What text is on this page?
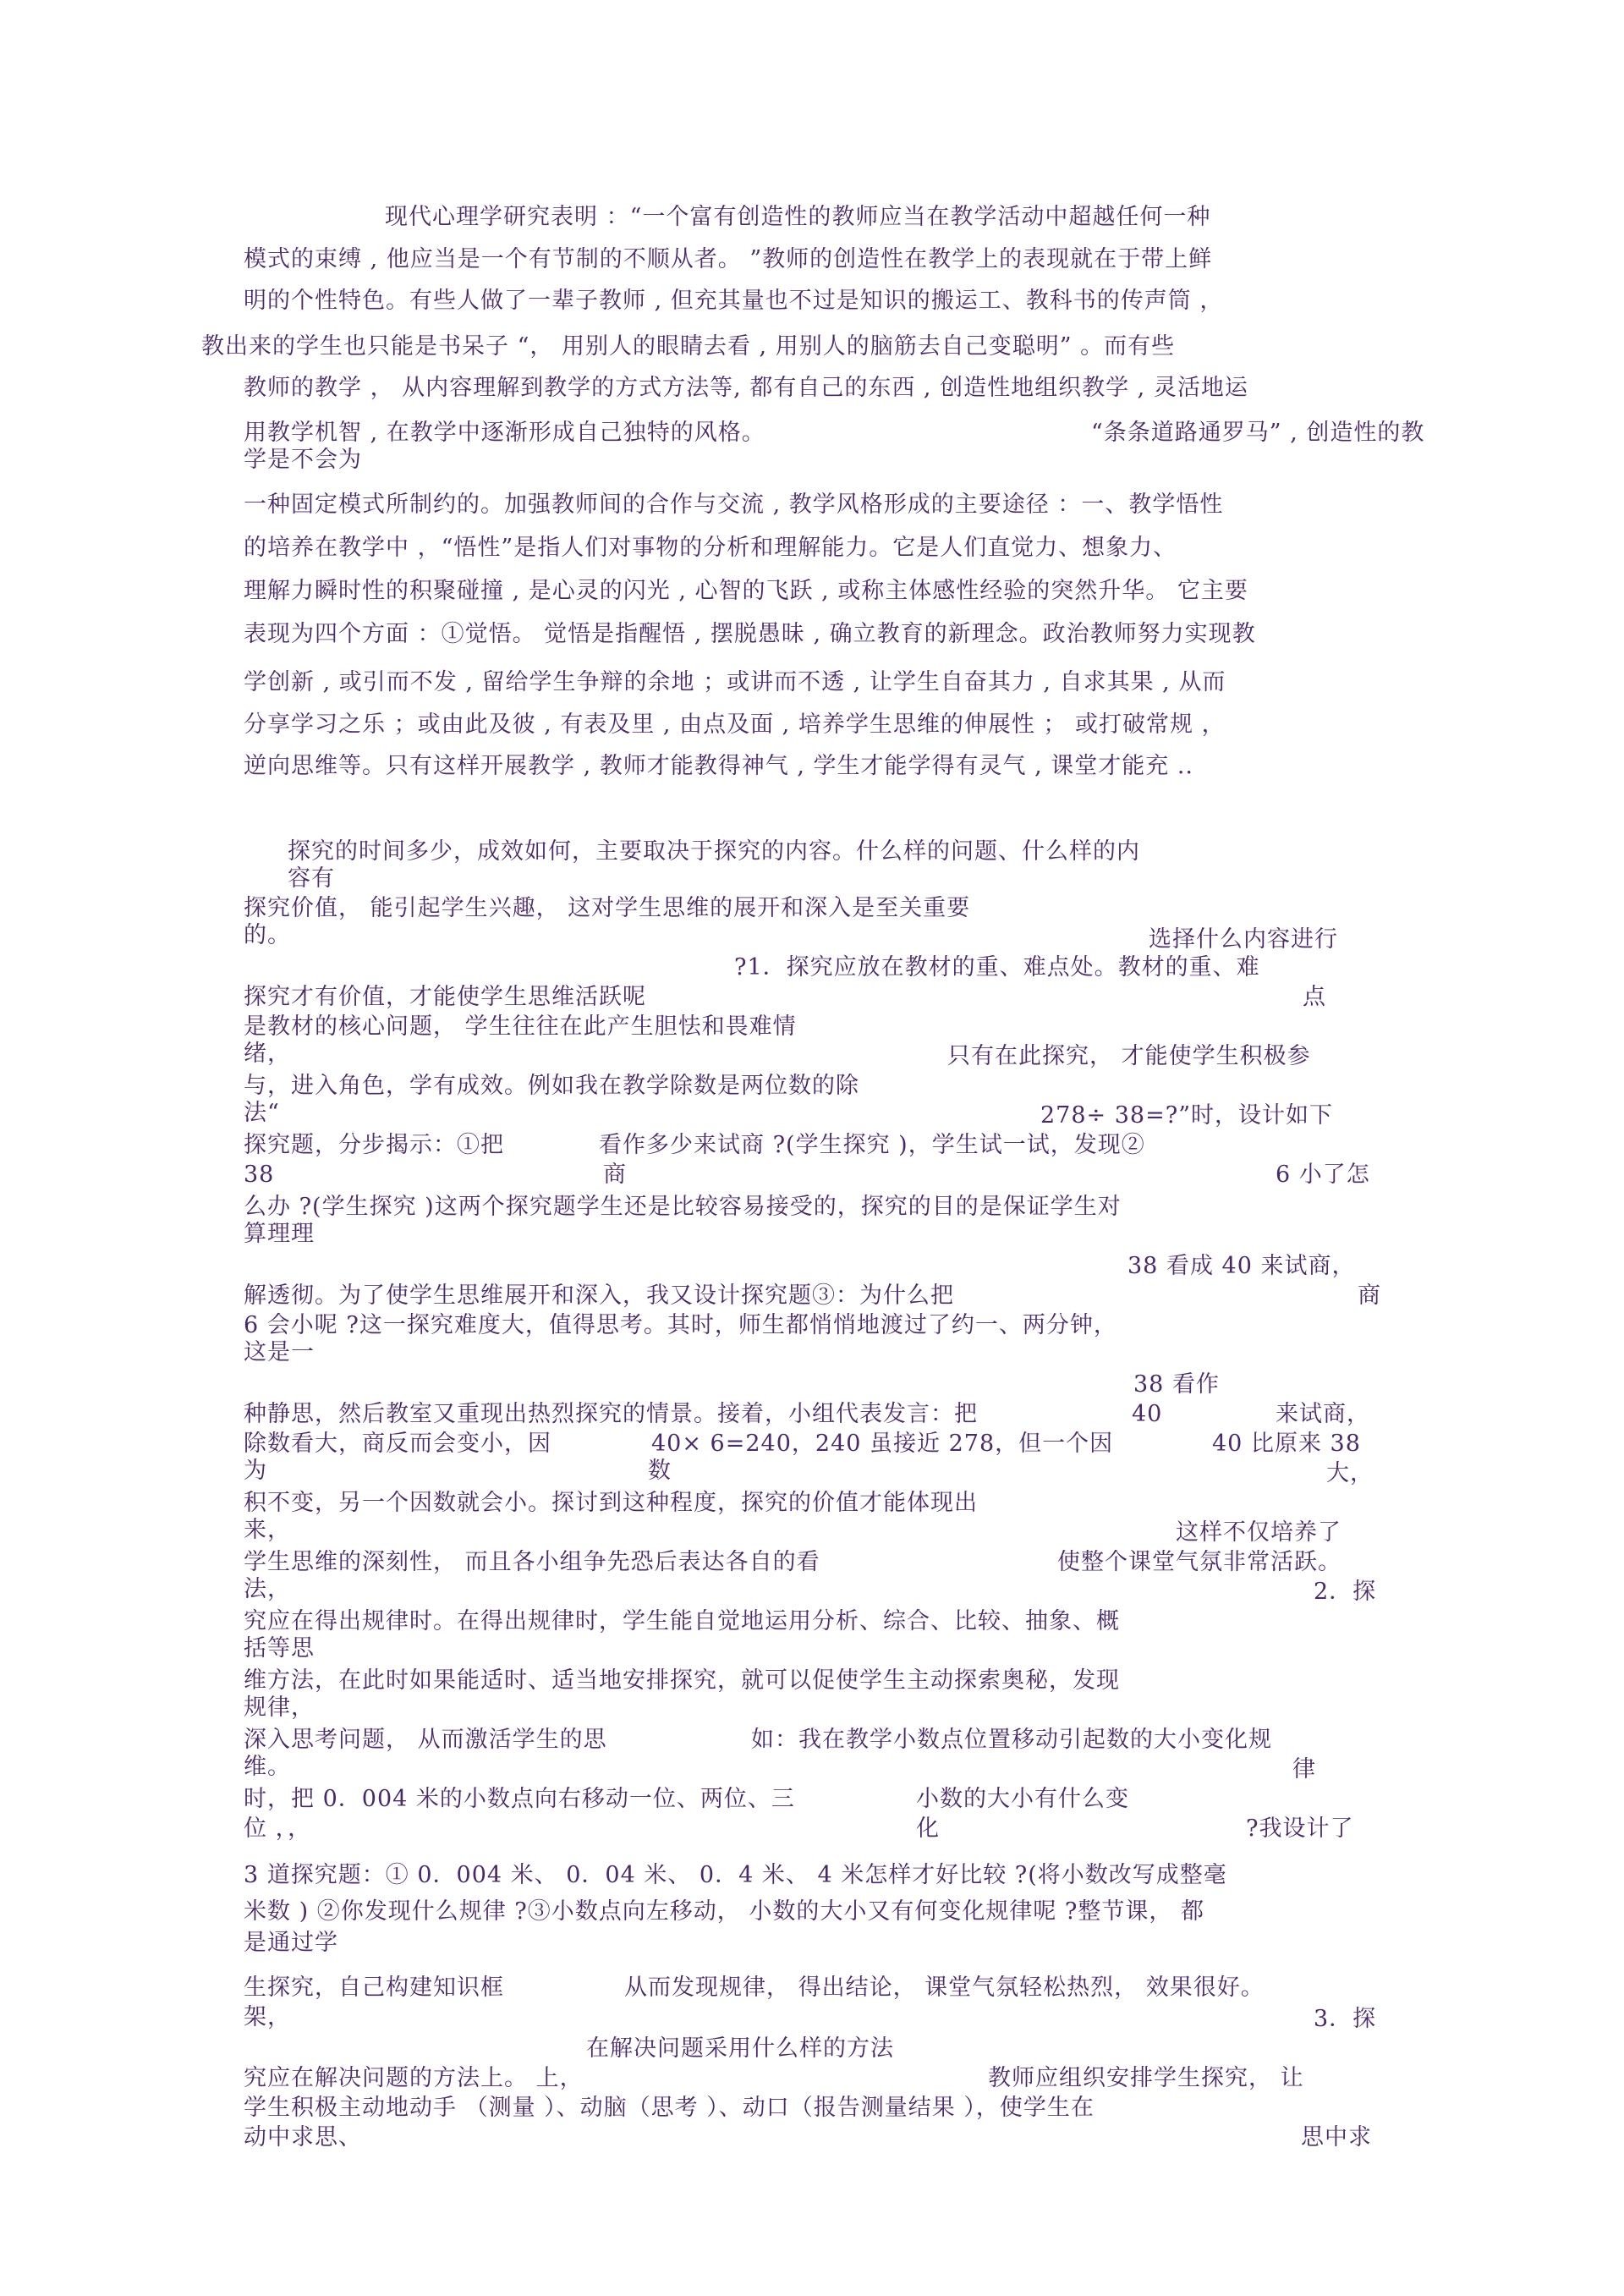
现代心理学研究表明 ：“一个富有创造性的教师应当在教学活动中超越任何一种
模式的束缚 , 他应当是一个有节制的不顺从者。 ”教师的创造性在教学上的表现就在于带上鲜
明的个性特色。有些人做了一辈子教师 , 但充其量也不过是知识的搬运工、教科书的传声筒 ，
教出来的学生也只能是书呆子 “， 用别人的眼睛去看 , 用别人的脑筋去自己变聪明” 。而有些
教师的教学 ， 从内容理解到教学的方式方法等, 都有自己的东西 , 创造性地组织教学 , 灵活地运
用教学机智 , 在教学中逐渐形成自己独特的风格。	“条条道路通罗马” , 创造性的教
学是不会为
一种固定模式所制约的。加强教师间的合作与交流 , 教学风格形成的主要途径 ：一、教学悟性
的培养在教学中 ，“悟性”是指人们对事物的分析和理解能力。它是人们直觉力、想象力、
理解力瞬时性的积聚碰撞 , 是心灵的闪光 , 心智的飞跃 , 或称主体感性经验的突然升华。 它主要
表现为四个方面 ：①觉悟。 觉悟是指醒悟 , 摆脱愚昧 , 确立教育的新理念。政治教师努力实现教
学创新 , 或引而不发 , 留给学生争辩的余地 ；或讲而不透 , 让学生自奋其力 , 自求其果 , 从而
分享学习之乐 ；或由此及彼 , 有表及里 , 由点及面 , 培养学生思维的伸展性 ； 或打破常规 ，
逆向思维等。只有这样开展教学 , 教师才能教得神气 , 学生才能学得有灵气 , 课堂才能充 ..
探究的时间多少，成效如何，主要取决于探究的内容。什么样的问题、什么样的内
容有
探究价值， 能引起学生兴趣， 这对学生思维的展开和深入是至关重要
的。	选择什么内容进行
?1．探究应放在教材的重、难点处。教材的重、难
探究才有价值，才能使学生思维活跃呢	点
是教材的核心问题， 学生往往在此产生胆怯和畏难情
绪，	只有在此探究， 才能使学生积极参
与，进入角色，学有成效。例如我在教学除数是两位数的除
法“	278÷ 38=?”时，设计如下
探究题，分步揭示：①把	看作多少来试商 ?(学生探究 )，学生试一试，发现②
38	商	6 小了怎
么办 ?(学生探究 )这两个探究题学生还是比较容易接受的，探究的目的是保证学生对
算理理
38 看成 40 来试商，
解透彻。为了使学生思维展开和深入，我又设计探究题③：为什么把	商
6 会小呢 ?这一探究难度大，值得思考。其时，师生都悄悄地渡过了约一、两分钟，
这是一
38 看作
种静思，然后教室又重现出热烈探究的情景。接着，小组代表发言：把	40	来试商，
除数看大，商反而会变小，因	40× 6=240，240 虽接近 278，但一个因	40 比原来 38
为	数	大，
积不变，另一个因数就会小。探讨到这种程度，探究的价值才能体现出
来，	这样不仅培养了
学生思维的深刻性， 而且各小组争先恐后表达各自的看	使整个课堂气氛非常活跃。
法，	2．探
究应在得出规律时。在得出规律时，学生能自觉地运用分析、综合、比较、抽象、概
括等思
维方法，在此时如果能适时、适当地安排探究，就可以促使学生主动探索奥秘，发现
规律，
深入思考问题， 从而激活学生的思	如：我在教学小数点位置移动引起数的大小变化规
维。	律
时，把 0．004 米的小数点向右移动一位、两位、三	小数的大小有什么变
位 ，，	化	?我设计了
3 道探究题：① 0．004 米、 0．04 米、 0．4 米、 4 米怎样才好比较 ?(将小数改写成整毫
米数 ) ②你发现什么规律 ?③小数点向左移动， 小数的大小又有何变化规律呢 ?整节课， 都
是通过学
生探究，自己构建知识框	从而发现规律， 得出结论， 课堂气氛轻松热烈， 效果很好。
架，	3．探
在解决问题采用什么样的方法
究应在解决问题的方法上。 上，	教师应组织安排学生探究， 让
学生积极主动地动手 （测量 ）、动脑（思考 ）、动口（报告测量结果 ），使学生在
动中求思、	思中求
